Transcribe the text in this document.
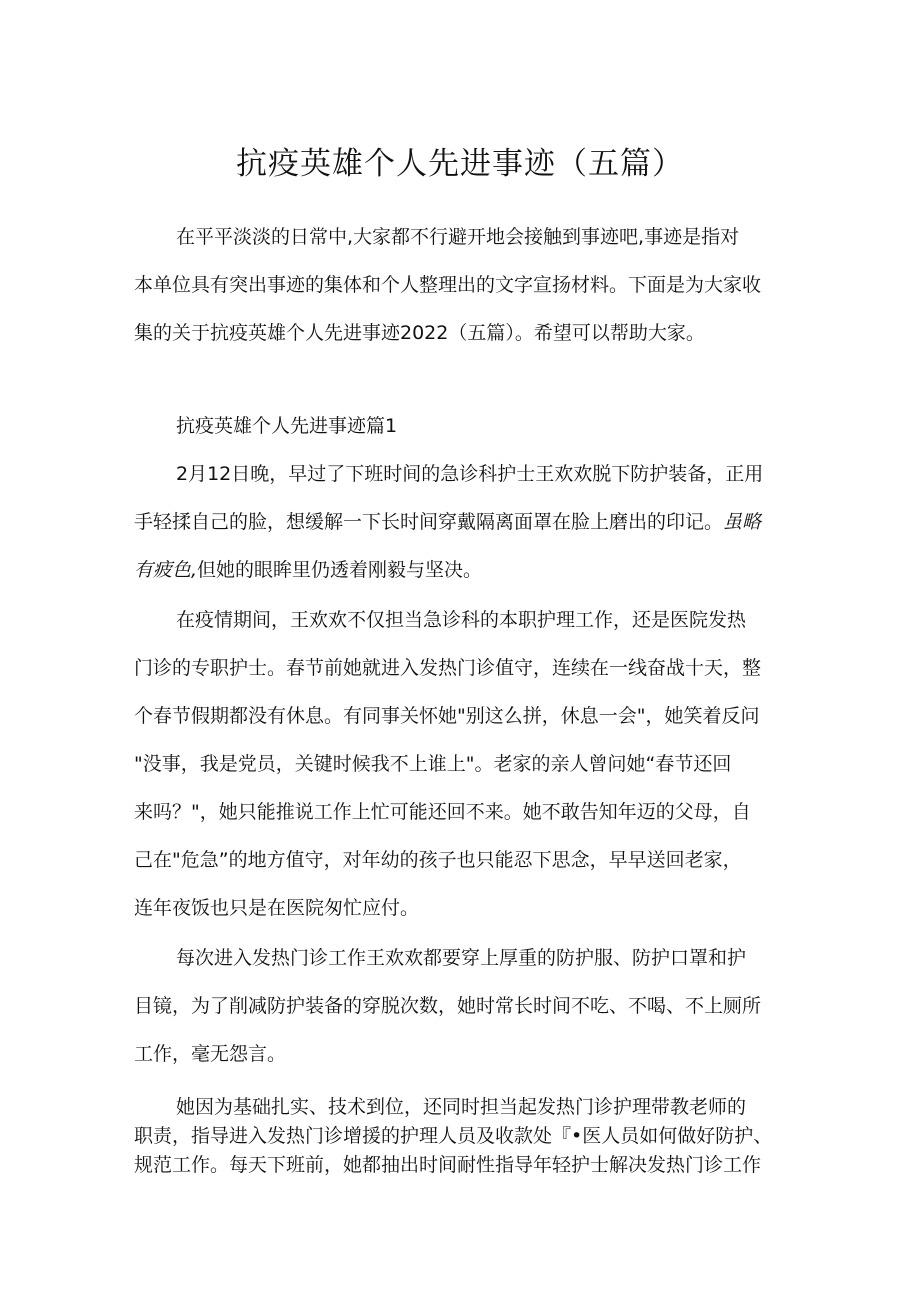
抗疫英雄个人先进事迹（五篇）
在平平淡淡的日常中,大家都不行避开地会接触到事迹吧,事迹是指对
本单位具有突出事迹的集体和个人整理出的文字宣扬材料。下面是为大家收
集的关于抗疫英雄个人先进事迹2022（五篇）。希望可以帮助大家。
抗疫英雄个人先进事迹篇1
2月12日晚，早过了下班时间的急诊科护士王欢欢脱下防护装备，正用
手轻揉自己的脸，想缓解一下长时间穿戴隔离面罩在脸上磨出的印记。虽略
有疲色,但她的眼眸里仍透着刚毅与坚决。
在疫情期间，王欢欢不仅担当急诊科的本职护理工作，还是医院发热
门诊的专职护士。春节前她就进入发热门诊值守，连续在一线奋战十天，整
个春节假期都没有休息。有同事关怀她"别这么拼，休息一会"，她笑着反问
"没事，我是党员，关键时候我不上谁上"。老家的亲人曾问她“春节还回
来吗？"，她只能推说工作上忙可能还回不来。她不敢告知年迈的父母，自
己在"危急”的地方值守，对年幼的孩子也只能忍下思念，早早送回老家，
连年夜饭也只是在医院匆忙应付。
每次进入发热门诊工作王欢欢都要穿上厚重的防护服、防护口罩和护
目镜，为了削减防护装备的穿脱次数，她时常长时间不吃、不喝、不上厕所
工作，毫无怨言。
她因为基础扎实、技术到位，还同时担当起发热门诊护理带教老师的
职责，指导进入发热门诊增援的护理人员及收款处『•医人员如何做好防护、
规范工作。每天下班前，她都抽出时间耐性指导年轻护士解决发热门诊工作
